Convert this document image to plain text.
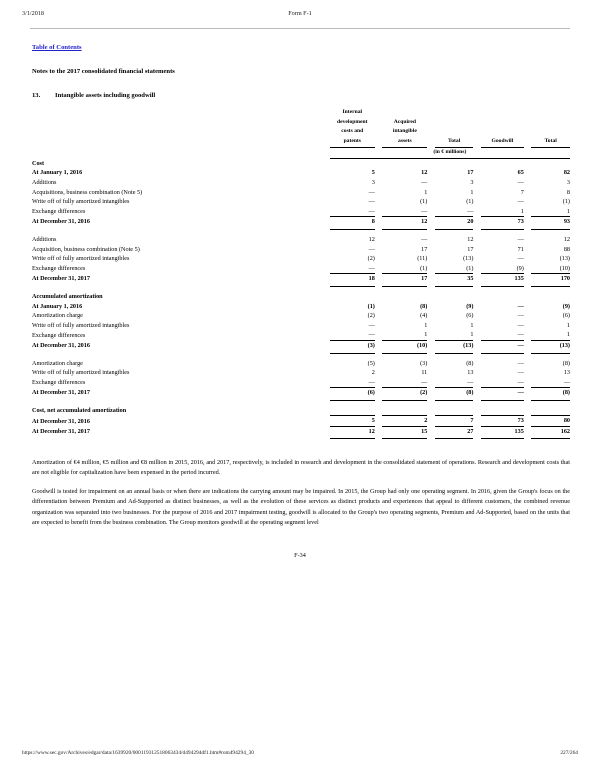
3/1/2018	Form F-1
Table of Contents
Notes to the 2017 consolidated financial statements
13. Intangible assets including goodwill
		Internal
development
costs and
patents		Acquired
intangible
assets		Total		Goodwill		Total

		(in € millions)								

Cost										
At January 1, 2016		5		12		17		65		82
Additions		3		—		3		—		3
Acquisitions, business combination (Note 5)		—		1		1		7		8
Write off of fully amortized intangibles		—		(1)		(1)		—		(1)
Exchange differences		—		—		—		1		1
At December 31, 2016		8		12		20		73		93

Additions		12		—		12		—		12
Acquisition, business combination (Note 5)		—		17		17		71		88
Write off of fully amortized intangibles		(2)		(11)		(13)		—		(13)
Exchange differences		—		(1)		(1)		(9)		(10)
At December 31, 2017		18		17		35		135		170

Accumulated amortization										
At January 1, 2016		(1)		(8)		(9)		—		(9)
Amortization charge		(2)		(4)		(6)		—		(6)
Write off of fully amortized intangibles		—		1		1		—		1
Exchange differences		—		1		1		—		1
At December 31, 2016		(3)		(10)		(13)		—		(13)

Amortization charge		(5)		(3)		(8)		—		(8)
Write off of fully amortized intangibles		2		11		13		—		13
Exchange differences		—		—		—		—		—
At December 31, 2017		(6)		(2)		(8)		—		(8)

Cost, net accumulated amortization										
At December 31, 2016		5		2		7		73		80
At December 31, 2017		12		15		27		135		162

Amortization of €4 million, €5 million and €8 million in 2015, 2016, and 2017, respectively, is included in research and development in the consolidated statement of operations. Research and development costs that are not eligible for capitalization have been expensed in the period incurred.
Goodwill is tested for impairment on an annual basis or when there are indications the carrying amount may be impaired. In 2015, the Group had only one operating segment. In 2016, given the Group's focus on the differentiation between Premium and Ad-Supported as distinct businesses, as well as the evolution of these services as distinct products and experiences that appeal to different customers, the combined revenue organization was separated into two businesses. For the purpose of 2016 and 2017 impairment testing, goodwill is allocated to the Group's two operating segments, Premium and Ad-Supported, based on the units that are expected to benefit from the business combination. The Group monitors goodwill at the operating segment level
F-34
https://www.sec.gov/Archives/edgar/data/1639920/000119312518063434/d494294df1.htm#rom494294_30	227/264
